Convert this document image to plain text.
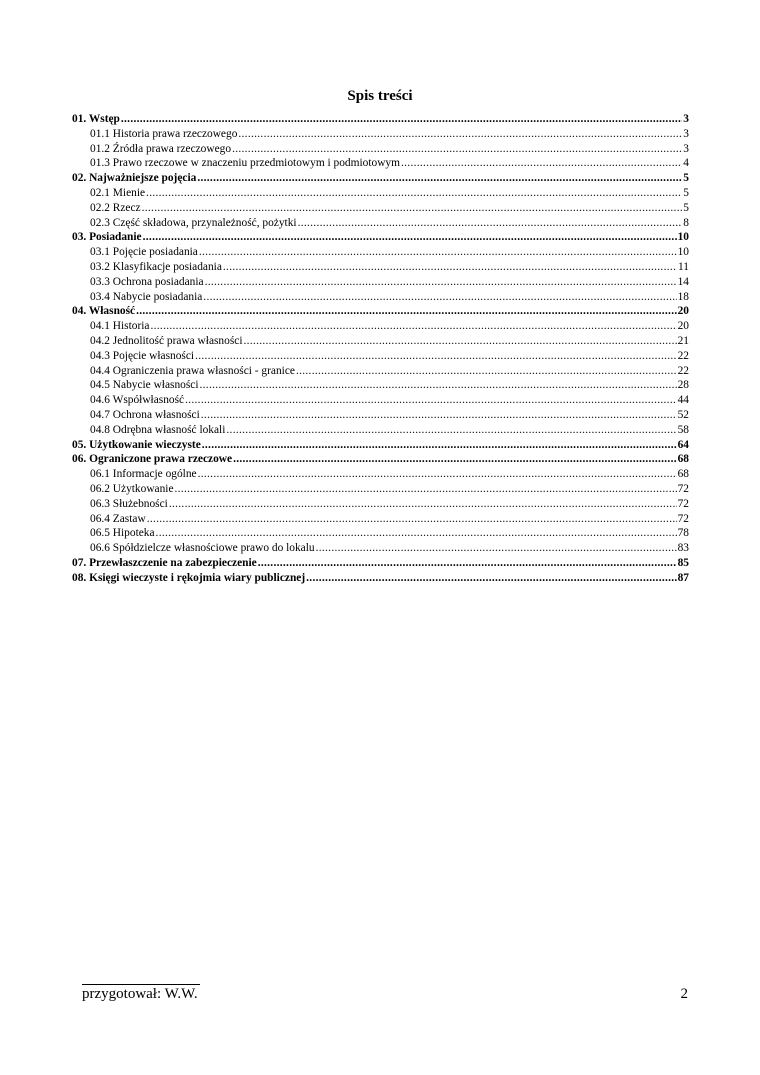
Spis treści
01. Wstęp .....	3
01.1 Historia prawa rzeczowego .....	3
01.2 Źródła prawa rzeczowego .....	3
01.3 Prawo rzeczowe w znaczeniu przedmiotowym i podmiotowym .....	4
02. Najważniejsze pojęcia .....	5
02.1 Mienie .....	5
02.2 Rzecz .....	5
02.3 Część składowa, przynależność, pożytki .....	8
03. Posiadanie .....	10
03.1 Pojęcie posiadania .....	10
03.2 Klasyfikacje posiadania .....	11
03.3 Ochrona posiadania .....	14
03.4 Nabycie posiadania .....	18
04. Własność .....	20
04.1 Historia .....	20
04.2 Jednolitość prawa własności .....	21
04.3 Pojęcie własności .....	22
04.4 Ograniczenia prawa własności - granice .....	22
04.5 Nabycie własności .....	28
04.6 Współwłasność .....	44
04.7 Ochrona własności .....	52
04.8 Odrębna własność lokali .....	58
05. Użytkowanie wieczyste .....	64
06. Ograniczone prawa rzeczowe .....	68
06.1 Informacje ogólne .....	68
06.2 Użytkowanie .....	72
06.3 Służebności .....	72
06.4 Zastaw .....	72
06.5 Hipoteka .....	78
06.6 Spółdzielcze własnościowe prawo do lokalu .....	83
07. Przewłaszczenie na zabezpieczenie .....	85
08. Księgi wieczyste i rękojmia wiary publicznej .....	87
przygotował: W.W.	2
